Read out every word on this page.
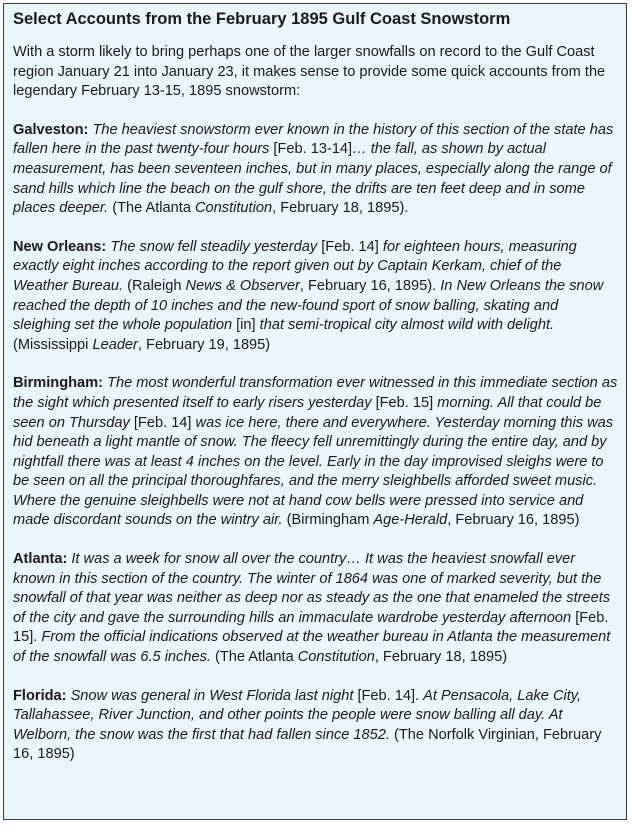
Select Accounts from the February 1895 Gulf Coast Snowstorm
With a storm likely to bring perhaps one of the larger snowfalls on record to the Gulf Coast region January 21 into January 23, it makes sense to provide some quick accounts from the legendary February 13-15, 1895 snowstorm:
Galveston: The heaviest snowstorm ever known in the history of this section of the state has fallen here in the past twenty-four hours [Feb. 13-14]… the fall, as shown by actual measurement, has been seventeen inches, but in many places, especially along the range of sand hills which line the beach on the gulf shore, the drifts are ten feet deep and in some places deeper. (The Atlanta Constitution, February 18, 1895).
New Orleans: The snow fell steadily yesterday [Feb. 14] for eighteen hours, measuring exactly eight inches according to the report given out by Captain Kerkam, chief of the Weather Bureau. (Raleigh News & Observer, February 16, 1895). In New Orleans the snow reached the depth of 10 inches and the new-found sport of snow balling, skating and sleighing set the whole population [in] that semi-tropical city almost wild with delight. (Mississippi Leader, February 19, 1895)
Birmingham: The most wonderful transformation ever witnessed in this immediate section as the sight which presented itself to early risers yesterday [Feb. 15] morning. All that could be seen on Thursday [Feb. 14] was ice here, there and everywhere. Yesterday morning this was hid beneath a light mantle of snow. The fleecy fell unremittingly during the entire day, and by nightfall there was at least 4 inches on the level. Early in the day improvised sleighs were to be seen on all the principal thoroughfares, and the merry sleighbells afforded sweet music. Where the genuine sleighbells were not at hand cow bells were pressed into service and made discordant sounds on the wintry air. (Birmingham Age-Herald, February 16, 1895)
Atlanta: It was a week for snow all over the country… It was the heaviest snowfall ever known in this section of the country. The winter of 1864 was one of marked severity, but the snowfall of that year was neither as deep nor as steady as the one that enameled the streets of the city and gave the surrounding hills an immaculate wardrobe yesterday afternoon [Feb. 15]. From the official indications observed at the weather bureau in Atlanta the measurement of the snowfall was 6.5 inches. (The Atlanta Constitution, February 18, 1895)
Florida: Snow was general in West Florida last night [Feb. 14]. At Pensacola, Lake City, Tallahassee, River Junction, and other points the people were snow balling all day. At Welborn, the snow was the first that had fallen since 1852. (The Norfolk Virginian, February 16, 1895)
